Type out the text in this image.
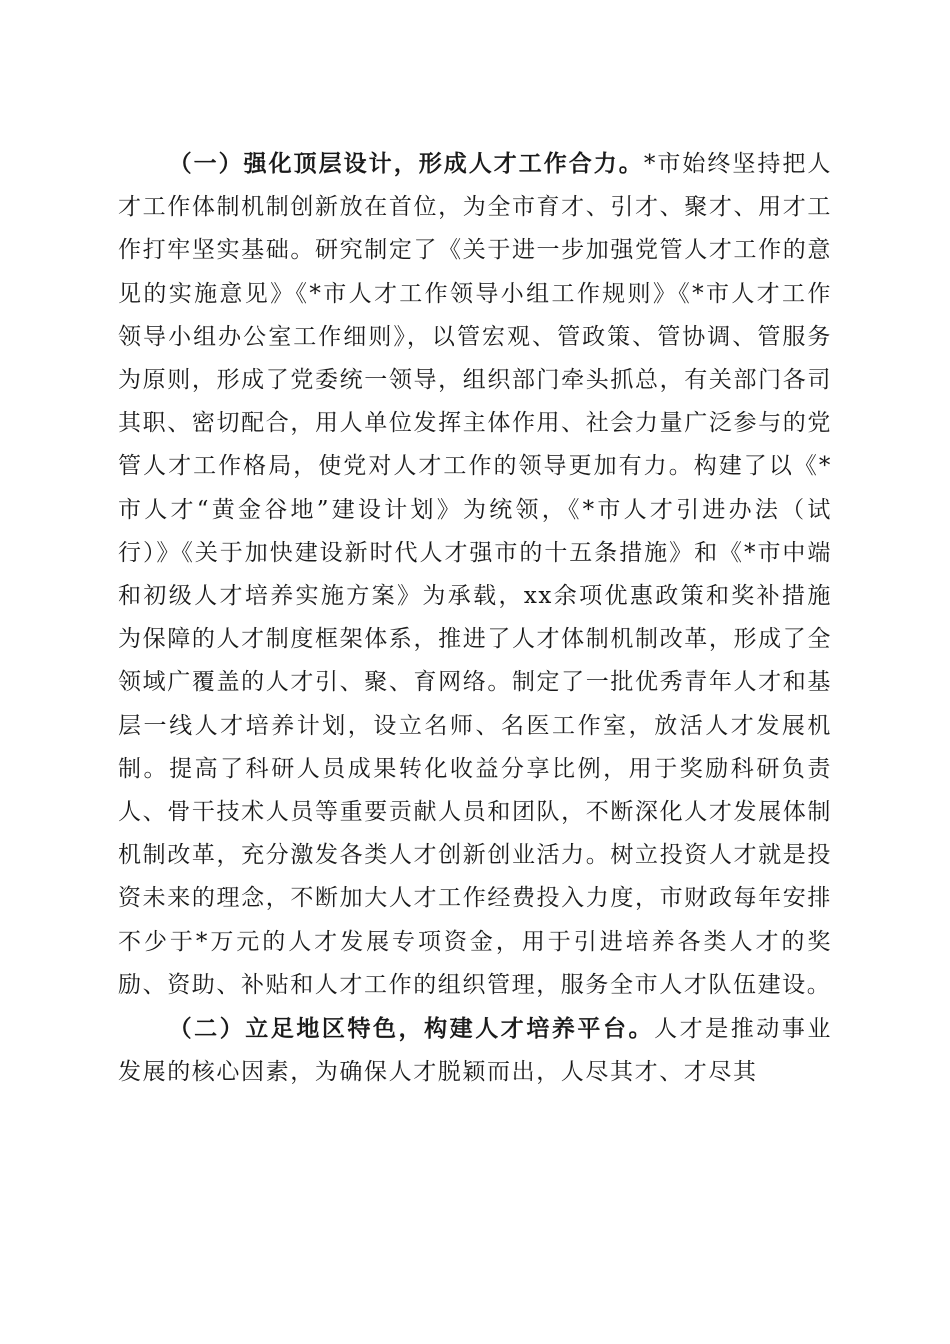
（一）强化顶层设计，形成人才工作合力。*市始终坚持把人才工作体制机制创新放在首位，为全市育才、引才、聚才、用才工作打牢坚实基础。研究制定了《关于进一步加强党管人才工作的意见的实施意见》《*市人才工作领导小组工作规则》《*市人才工作领导小组办公室工作细则》，以管宏观、管政策、管协调、管服务为原则，形成了党委统一领导，组织部门牵头抓总，有关部门各司其职、密切配合，用人单位发挥主体作用、社会力量广泛参与的党管人才工作格局，使党对人才工作的领导更加有力。构建了以《*市人才“黄金谷地”建设计划》为统领，《*市人才引进办法（试行）》《关于加快建设新时代人才强市的十五条措施》和《*市中端和初级人才培养实施方案》为承载，xx余项优惠政策和奖补措施为保障的人才制度框架体系，推进了人才体制机制改革，形成了全领域广覆盖的人才引、聚、育网络。制定了一批优秀青年人才和基层一线人才培养计划，设立名师、名医工作室，放活人才发展机制。提高了科研人员成果转化收益分享比例，用于奖励科研负责人、骨干技术人员等重要贡献人员和团队，不断深化人才发展体制机制改革，充分激发各类人才创新创业活力。树立投资人才就是投资未来的理念，不断加大人才工作经费投入力度，市财政每年安排不少于*万元的人才发展专项资金，用于引进培养各类人才的奖励、资助、补贴和人才工作的组织管理，服务全市人才队伍建设。

（二）立足地区特色，构建人才培养平台。人才是推动事业发展的核心因素，为确保人才脱颖而出，人尽其才、才尽其
